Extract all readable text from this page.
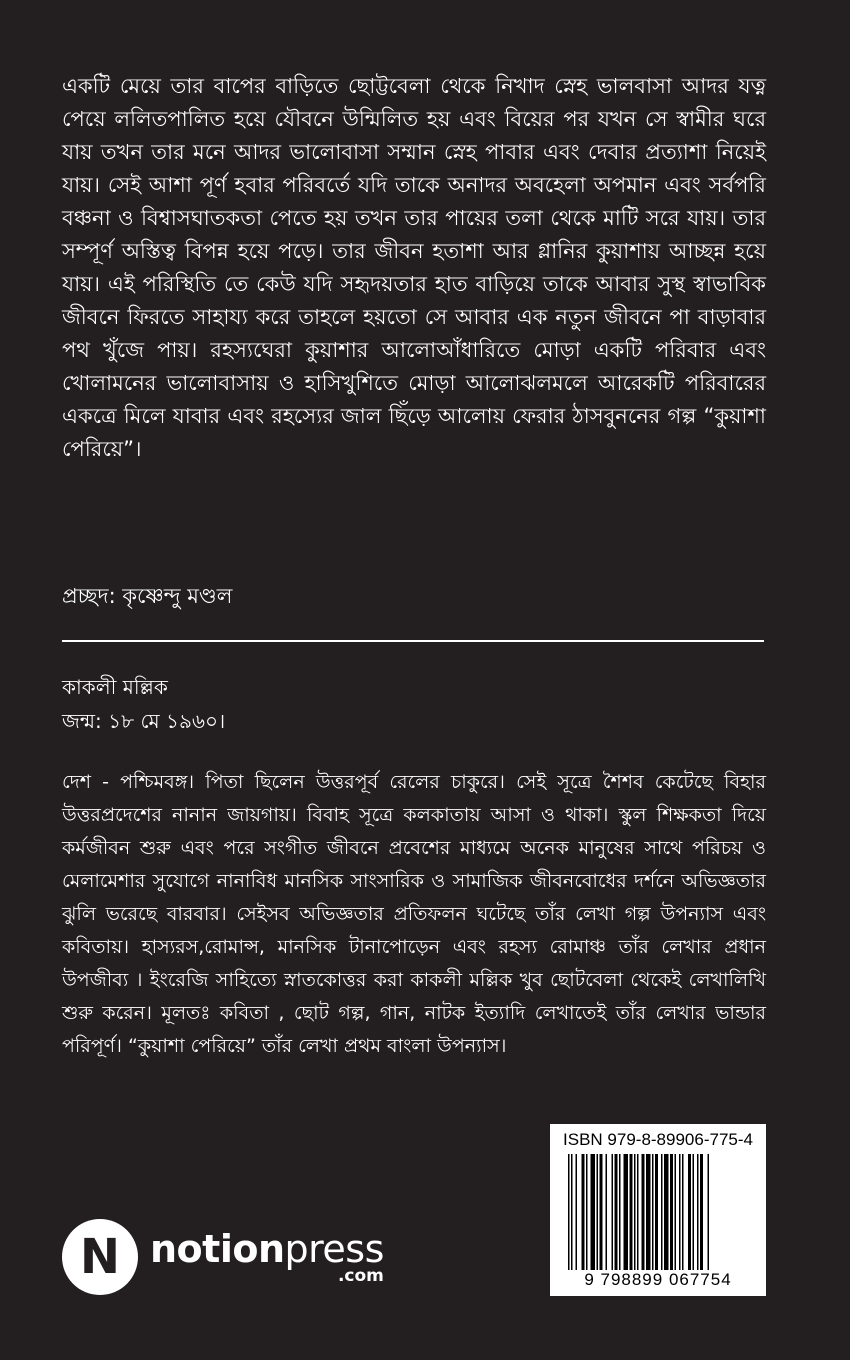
একটি মেয়ে তার বাপের বাড়িতে ছোট্টবেলা থেকে নিখাদ স্নেহ ভালবাসা আদর যত্ন পেয়ে ললিতপালিত হয়ে যৌবনে উন্মিলিত হয় এবং বিয়ের পর যখন সে স্বামীর ঘরে যায় তখন তার মনে আদর ভালোবাসা সম্মান স্নেহ পাবার এবং দেবার প্রত্যাশা নিয়েই যায়। সেই আশা পূর্ণ হবার পরিবর্তে যদি তাকে অনাদর অবহেলা অপমান এবং সর্বপরি বঞ্চনা ও বিশ্বাসঘাতকতা পেতে হয় তখন তার পায়ের তলা থেকে মাটি সরে যায়। তার সম্পূর্ণ অস্তিত্ব বিপন্ন হয়ে পড়ে। তার জীবন হতাশা আর গ্লানির কুয়াশায় আচ্ছন্ন হয়ে যায়। এই পরিস্থিতি তে কেউ যদি সহৃদয়তার হাত বাড়িয়ে তাকে আবার সুস্থ স্বাভাবিক জীবনে ফিরতে সাহায্য করে তাহলে হয়তো সে আবার এক নতুন জীবনে পা বাড়াবার পথ খুঁজে পায়। রহস্যঘেরা কুয়াশার আলোআঁধারিতে মোড়া একটি পরিবার এবং খোলামনের ভালোবাসায় ও হাসিখুশিতে মোড়া আলোঝলমলে আরেকটি পরিবারের একত্রে মিলে যাবার এবং রহস্যের জাল ছিঁড়ে আলোয় ফেরার ঠাসবুননের গল্প “কুয়াশা পেরিয়ে”।

প্রচ্ছদ: কৃষ্ণেন্দু মণ্ডল

কাকলী মল্লিক

জন্ম: ১৮ মে ১৯৬০।

দেশ - পশ্চিমবঙ্গ। পিতা ছিলেন উত্তরপূর্ব রেলের চাকুরে। সেই সূত্রে শৈশব কেটেছে বিহার উত্তরপ্রদেশের নানান জায়গায়। বিবাহ সূত্রে কলকাতায় আসা ও থাকা। স্কুল শিক্ষকতা দিয়ে কর্মজীবন শুরু এবং পরে সংগীত জীবনে প্রবেশের মাধ্যমে অনেক মানুষের সাথে পরিচয় ও মেলামেশার সুযোগে নানাবিধ মানসিক সাংসারিক ও সামাজিক জীবনবোধের দর্শনে অভিজ্ঞতার ঝুলি ভরেছে বারবার। সেইসব অভিজ্ঞতার প্রতিফলন ঘটেছে তাঁর লেখা গল্প উপন্যাস এবং কবিতায়। হাস্যরস,রোমান্স, মানসিক টানাপোড়েন এবং রহস্য রোমাঞ্চ তাঁর লেখার প্রধান উপজীব্য । ইংরেজি সাহিত্যে স্নাতকোত্তর করা কাকলী মল্লিক খুব ছোটবেলা থেকেই লেখালিখি শুরু করেন। মূলতঃ কবিতা , ছোট গল্প, গান, নাটক ইত্যাদি লেখাতেই তাঁর লেখার ভান্ডার পরিপূর্ণ। “কুয়াশা পেরিয়ে” তাঁর লেখা প্রথম বাংলা উপন্যাস।

N notionpress
.com
ISBN 979-8-89906-775-4
9 798899 067754
